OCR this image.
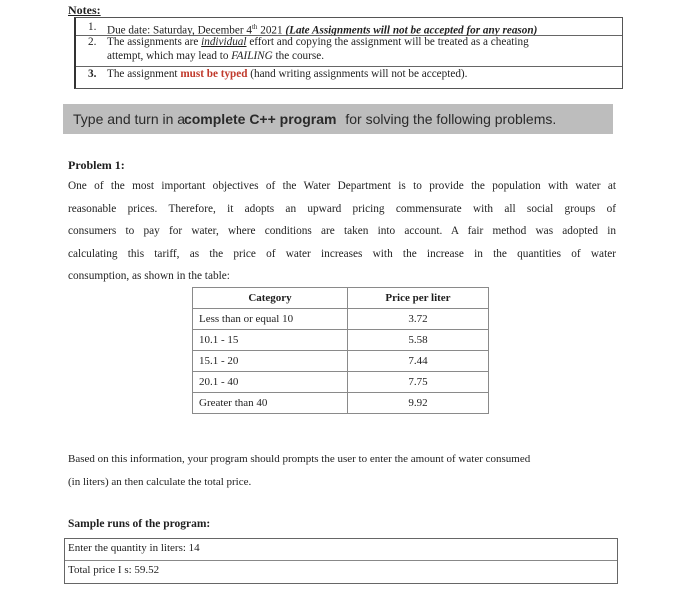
Notes:
1. Due date: Saturday, December 4th 2021 (Late Assignments will not be accepted for any reason)
2. The assignments are individual effort and copying the assignment will be treated as a cheating
attempt, which may lead to FAILING the course.
3. The assignment must be typed (hand writing assignments will not be accepted).
Type and turn in a complete C++ program for solving the following problems.
Problem 1:
One of the most important objectives of the Water Department is to provide the population with water at
reasonable prices. Therefore, it adopts an upward pricing commensurate with all social groups of
consumers to pay for water, where conditions are taken into account. A fair method was adopted in
calculating this tariff, as the price of water increases with the increase in the quantities of water
consumption, as shown in the table:
Category	Price per liter
Less than or equal 10	3.72
10.1 - 15	5.58
15.1 - 20	7.44
20.1 - 40	7.75
Greater than 40	9.92
Based on this information, your program should prompts the user to enter the amount of water consumed
(in liters) an then calculate the total price.
Sample runs of the program:
Enter the quantity in liters: 14
Total price I s: 59.52
